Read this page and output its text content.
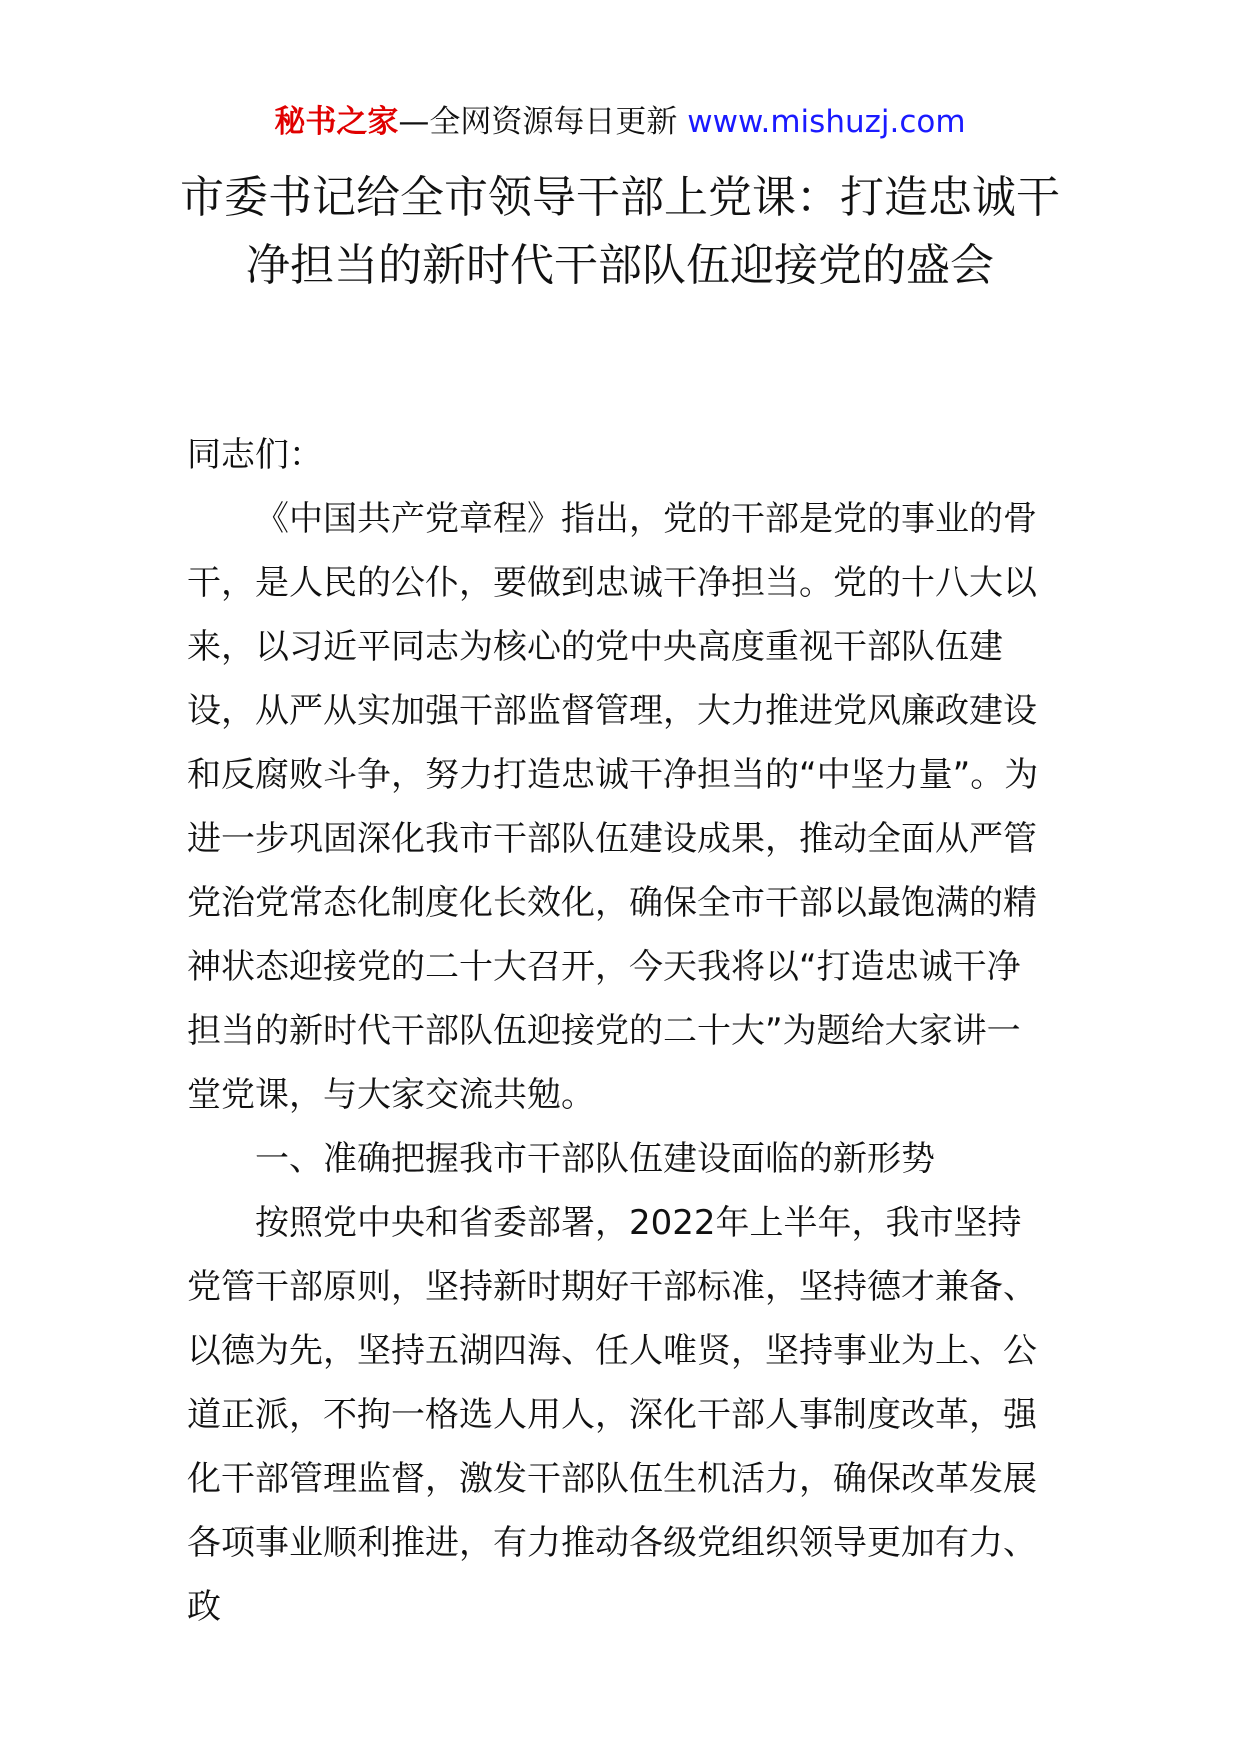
秘书之家—全网资源每日更新 www.mishuzj.com
市委书记给全市领导干部上党课：打造忠诚干净担当的新时代干部队伍迎接党的盛会

同志们：

《中国共产党章程》指出，党的干部是党的事业的骨干，是人民的公仆，要做到忠诚干净担当。党的十八大以来，以习近平同志为核心的党中央高度重视干部队伍建设，从严从实加强干部监督管理，大力推进党风廉政建设和反腐败斗争，努力打造忠诚干净担当的“中坚力量”。为进一步巩固深化我市干部队伍建设成果，推动全面从严管党治党常态化制度化长效化，确保全市干部以最饱满的精神状态迎接党的二十大召开，今天我将以“打造忠诚干净担当的新时代干部队伍迎接党的二十大”为题给大家讲一堂党课，与大家交流共勉。

一、准确把握我市干部队伍建设面临的新形势

按照党中央和省委部署，2022年上半年，我市坚持党管干部原则，坚持新时期好干部标准，坚持德才兼备、以德为先，坚持五湖四海、任人唯贤，坚持事业为上、公道正派，不拘一格选人用人，深化干部人事制度改革，强化干部管理监督，激发干部队伍生机活力，确保改革发展各项事业顺利推进，有力推动各级党组织领导更加有力、政
